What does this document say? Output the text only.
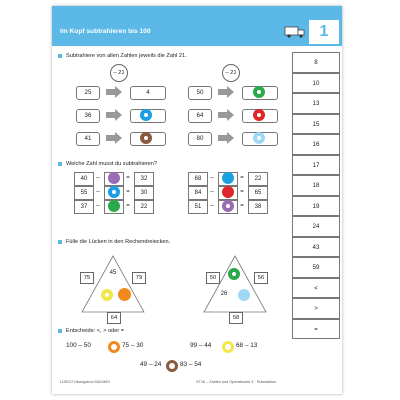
Im Kopf subtrahieren bis 100	1
Subtrahiere von allen Zahlen jeweils die Zahl 21.
– 21	– 21
25	4
36
41
50
64
80
Welche Zahl musst du subtrahieren?
40	–	=	32
55	–	=	30
37	–	=	22
68	–	=	22
84	–	=	65
51	–	=	38
Fülle die Lücken in den Rechendreiecken.
45
75	79
64
50	56
26
58
Entscheide: <, > oder =
100 – 50	75 – 30	99 – 44	68 – 13
49 – 24	83 – 54
8
10
13
15
16
17
18
19
24
43
59
<
>
=
LÜSCO Übungsbox MAXIMO	ST16 – Zahlen und Operationen 3 · Subtraktion
